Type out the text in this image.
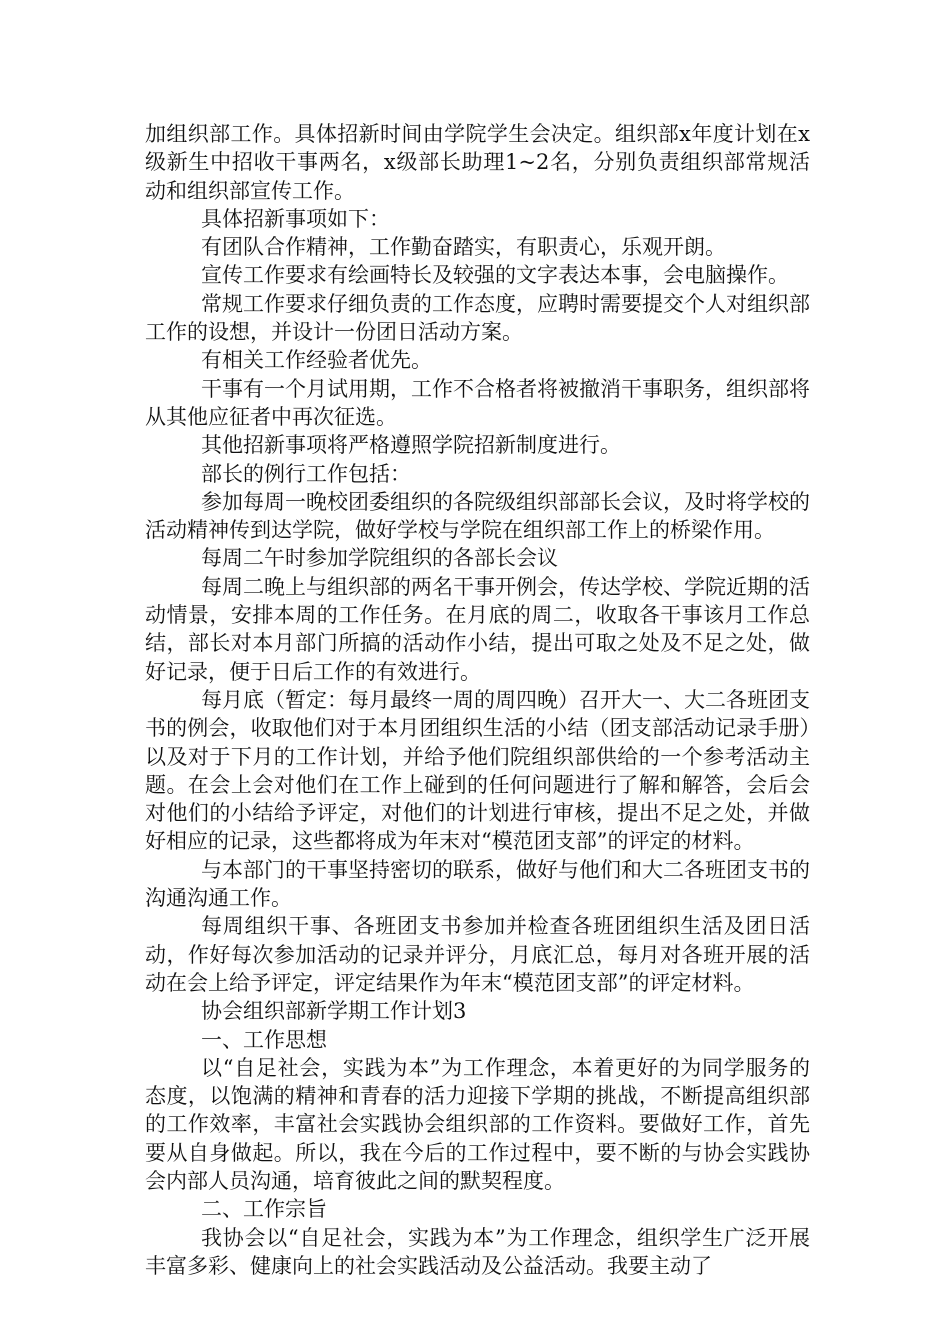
加组织部工作。具体招新时间由学院学生会决定。组织部x年度计划在x级新生中招收干事两名，x级部长助理1~2名，分别负责组织部常规活动和组织部宣传工作。

具体招新事项如下：

有团队合作精神，工作勤奋踏实，有职责心，乐观开朗。

宣传工作要求有绘画特长及较强的文字表达本事，会电脑操作。

常规工作要求仔细负责的工作态度，应聘时需要提交个人对组织部工作的设想，并设计一份团日活动方案。

有相关工作经验者优先。

干事有一个月试用期，工作不合格者将被撤消干事职务，组织部将从其他应征者中再次征选。

其他招新事项将严格遵照学院招新制度进行。

部长的例行工作包括：

参加每周一晚校团委组织的各院级组织部部长会议，及时将学校的活动精神传到达学院，做好学校与学院在组织部工作上的桥梁作用。

每周二午时参加学院组织的各部长会议

每周二晚上与组织部的两名干事开例会，传达学校、学院近期的活动情景，安排本周的工作任务。在月底的周二，收取各干事该月工作总结，部长对本月部门所搞的活动作小结，提出可取之处及不足之处，做好记录，便于日后工作的有效进行。

每月底（暂定：每月最终一周的周四晚）召开大一、大二各班团支书的例会，收取他们对于本月团组织生活的小结（团支部活动记录手册）以及对于下月的工作计划，并给予他们院组织部供给的一个参考活动主题。在会上会对他们在工作上碰到的任何问题进行了解和解答，会后会对他们的小结给予评定，对他们的计划进行审核，提出不足之处，并做好相应的记录，这些都将成为年末对“模范团支部”的评定的材料。

与本部门的干事坚持密切的联系，做好与他们和大二各班团支书的沟通沟通工作。

每周组织干事、各班团支书参加并检查各班团组织生活及团日活动，作好每次参加活动的记录并评分，月底汇总，每月对各班开展的活动在会上给予评定，评定结果作为年末“模范团支部”的评定材料。

协会组织部新学期工作计划3

一、工作思想

以“自足社会，实践为本”为工作理念，本着更好的为同学服务的态度，以饱满的精神和青春的活力迎接下学期的挑战，不断提高组织部的工作效率，丰富社会实践协会组织部的工作资料。要做好工作，首先要从自身做起。所以，我在今后的工作过程中，要不断的与协会实践协会内部人员沟通，培育彼此之间的默契程度。

二、工作宗旨

我协会以“自足社会，实践为本”为工作理念，组织学生广泛开展丰富多彩、健康向上的社会实践活动及公益活动。我要主动了
